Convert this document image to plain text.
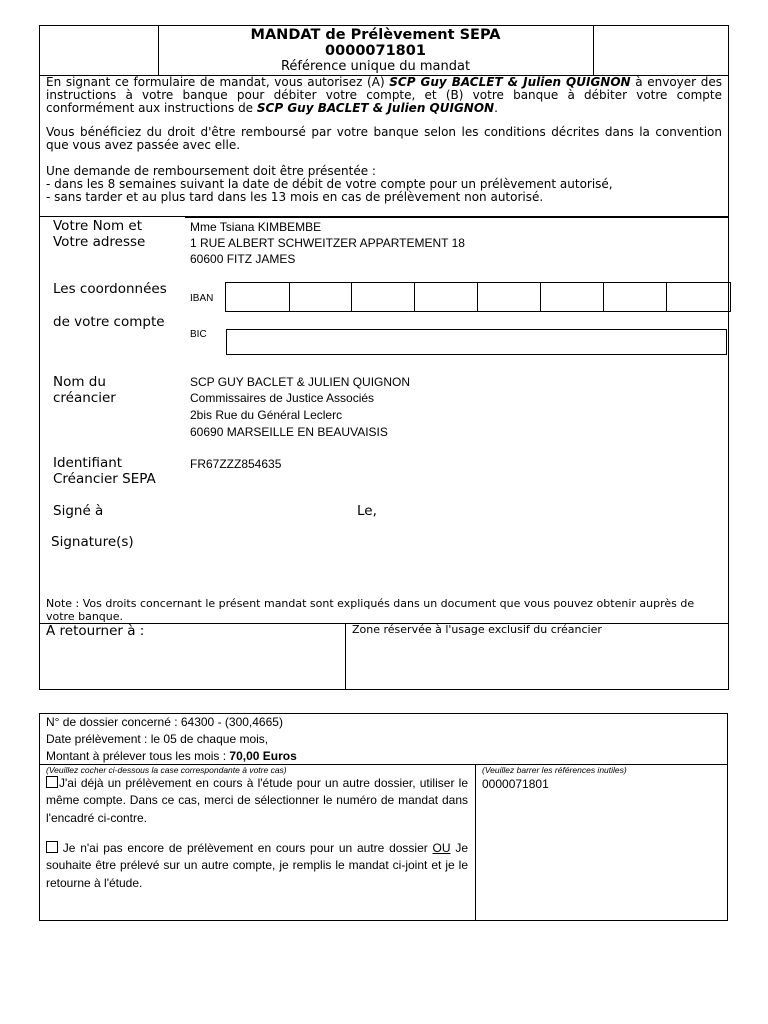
MANDAT de Prélèvement SEPA
0000071801
Référence unique du mandat
En signant ce formulaire de mandat, vous autorisez (A) SCP Guy BACLET & Julien QUIGNON à envoyer des instructions à votre banque pour débiter votre compte, et (B) votre banque à débiter votre compte conformément aux instructions de SCP Guy BACLET & Julien QUIGNON.
Vous bénéficiez du droit d'être remboursé par votre banque selon les conditions décrites dans la convention que vous avez passée avec elle.
Une demande de remboursement doit être présentée :
- dans les 8 semaines suivant la date de débit de votre compte pour un prélèvement autorisé,
- sans tarder et au plus tard dans les 13 mois en cas de prélèvement non autorisé.
Votre Nom et Votre adresse
Mme Tsiana KIMBEMBE
1 RUE ALBERT SCHWEITZER APPARTEMENT 18
60600 FITZ JAMES
Les coordonnées
de votre compte
IBAN
BIC
Nom du créancier
SCP GUY BACLET & JULIEN QUIGNON
Commissaires de Justice Associés
2bis Rue du Général Leclerc
60690 MARSEILLE EN BEAUVAISIS
Identifiant Créancier SEPA
FR67ZZZ854635
Signé à	Le,
Signature(s)
Note : Vos droits concernant le présent mandat sont expliqués dans un document que vous pouvez obtenir auprès de votre banque.
A retourner à :	Zone réservée à l'usage exclusif du créancier
N° de dossier concerné : 64300 - (300,4665)
Date prélèvement : le 05 de chaque mois,
Montant à prélever tous les mois : 70,00 Euros
(Veuillez cocher ci-dessous la case correspondante à votre cas)	(Veuillez barrer les références inutiles)
J'ai déjà un prélèvement en cours à l'étude pour un autre dossier, utiliser le même compte. Dans ce cas, merci de sélectionner le numéro de mandat dans l'encadré ci-contre.
Je n'ai pas encore de prélèvement en cours pour un autre dossier OU Je souhaite être prélevé sur un autre compte, je remplis le mandat ci-joint et je le retourne à l'étude.
0000071801
